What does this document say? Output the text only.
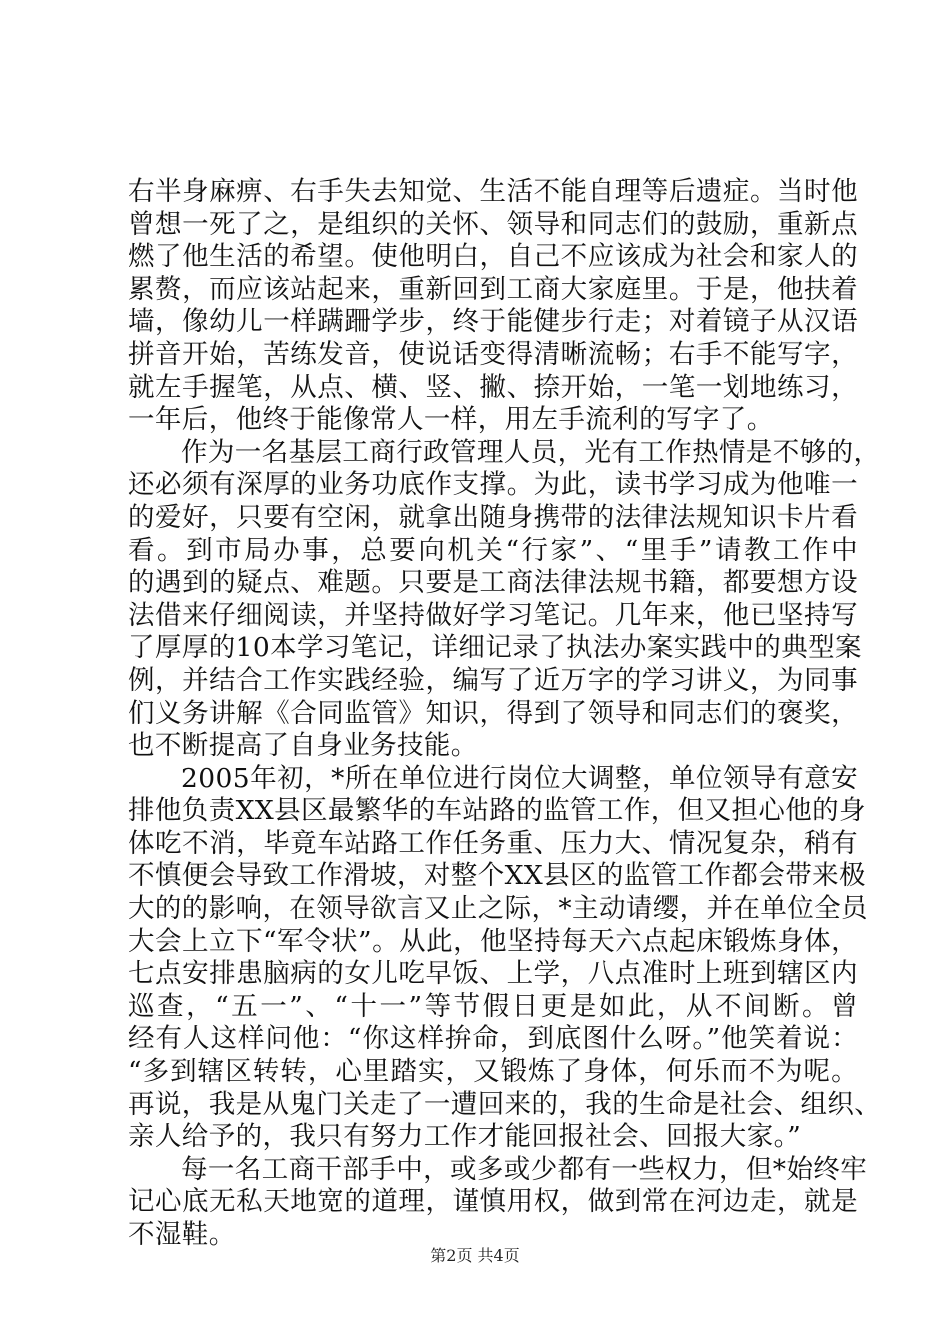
右半身麻痹、右手失去知觉、生活不能自理等后遗症。当时他
曾想一死了之，是组织的关怀、领导和同志们的鼓励，重新点
燃了他生活的希望。使他明白，自己不应该成为社会和家人的
累赘，而应该站起来，重新回到工商大家庭里。于是，他扶着
墙，像幼儿一样蹒跚学步，终于能健步行走；对着镜子从汉语
拼音开始，苦练发音，使说话变得清晰流畅；右手不能写字，
就左手握笔，从点、横、竖、撇、捺开始，一笔一划地练习，
一年后，他终于能像常人一样，用左手流利的写字了。
作为一名基层工商行政管理人员，光有工作热情是不够的，
还必须有深厚的业务功底作支撑。为此，读书学习成为他唯一
的爱好，只要有空闲，就拿出随身携带的法律法规知识卡片看
看。到市局办事，总要向机关“行家”、“里手”请教工作中
的遇到的疑点、难题。只要是工商法律法规书籍，都要想方设
法借来仔细阅读，并坚持做好学习笔记。几年来，他已坚持写
了厚厚的10本学习笔记，详细记录了执法办案实践中的典型案
例，并结合工作实践经验，编写了近万字的学习讲义，为同事
们义务讲解《合同监管》知识，得到了领导和同志们的褒奖，
也不断提高了自身业务技能。
2005年初，*所在单位进行岗位大调整，单位领导有意安
排他负责XX县区最繁华的车站路的监管工作，但又担心他的身
体吃不消，毕竟车站路工作任务重、压力大、情况复杂，稍有
不慎便会导致工作滑坡，对整个XX县区的监管工作都会带来极
大的的影响，在领导欲言又止之际，*主动请缨，并在单位全员
大会上立下“军令状”。从此，他坚持每天六点起床锻炼身体，
七点安排患脑病的女儿吃早饭、上学，八点准时上班到辖区内
巡查，“五一”、“十一”等节假日更是如此，从不间断。曾
经有人这样问他：“你这样拚命，到底图什么呀。”他笑着说：
“多到辖区转转，心里踏实，又锻炼了身体，何乐而不为呢。
再说，我是从鬼门关走了一遭回来的，我的生命是社会、组织、
亲人给予的，我只有努力工作才能回报社会、回报大家。”
每一名工商干部手中，或多或少都有一些权力，但*始终牢
记心底无私天地宽的道理，谨慎用权，做到常在河边走，就是
不湿鞋。
第2页 共4页
